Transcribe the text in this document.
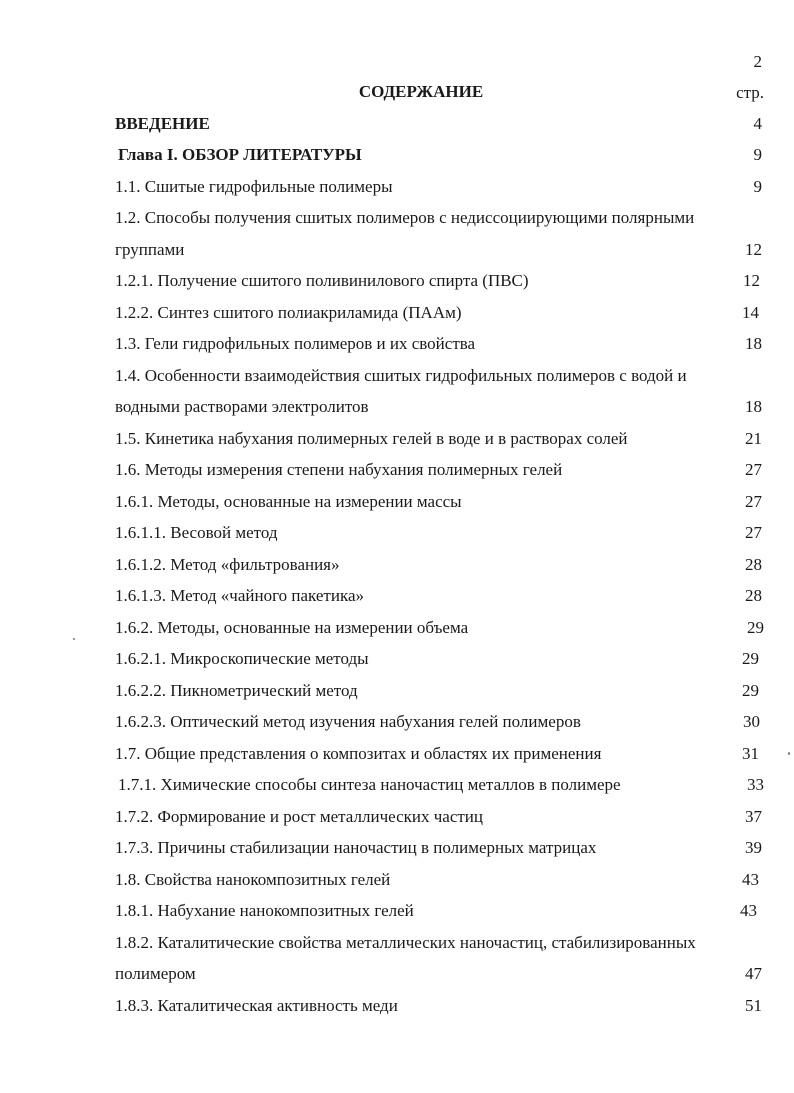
2
СОДЕРЖАНИЕ	стр.
ВВЕДЕНИЕ	4
Глава I. ОБЗОР ЛИТЕРАТУРЫ	9
1.1. Сшитые гидрофильные полимеры	9
1.2. Способы получения сшитых полимеров с недиссоциирующими полярными
группами	12
1.2.1. Получение сшитого поливинилового спирта (ПВС)	12
1.2.2. Синтез сшитого полиакриламида (ПААм)	14
1.3. Гели гидрофильных полимеров и их свойства	18
1.4. Особенности взаимодействия сшитых гидрофильных полимеров с водой и
водными растворами электролитов	18
1.5. Кинетика набухания полимерных гелей в воде и в растворах солей	21
1.6. Методы измерения степени набухания полимерных гелей	27
1.6.1. Методы, основанные на измерении массы	27
1.6.1.1. Весовой метод	27
1.6.1.2. Метод «фильтрования»	28
1.6.1.3. Метод «чайного пакетика»	28
1.6.2. Методы, основанные на измерении объема	29
1.6.2.1. Микроскопические методы	29
1.6.2.2. Пикнометрический метод	29
1.6.2.3. Оптический метод изучения набухания гелей полимеров	30
1.7. Общие представления о композитах и областях их применения	31
1.7.1. Химические способы синтеза наночастиц металлов в полимере	33
1.7.2. Формирование и рост металлических частиц	37
1.7.3. Причины стабилизации наночастиц в полимерных матрицах	39
1.8. Свойства нанокомпозитных гелей	43
1.8.1. Набухание нанокомпозитных гелей	43
1.8.2. Каталитические свойства металлических наночастиц, стабилизированных
полимером	47
1.8.3. Каталитическая активность меди	51
